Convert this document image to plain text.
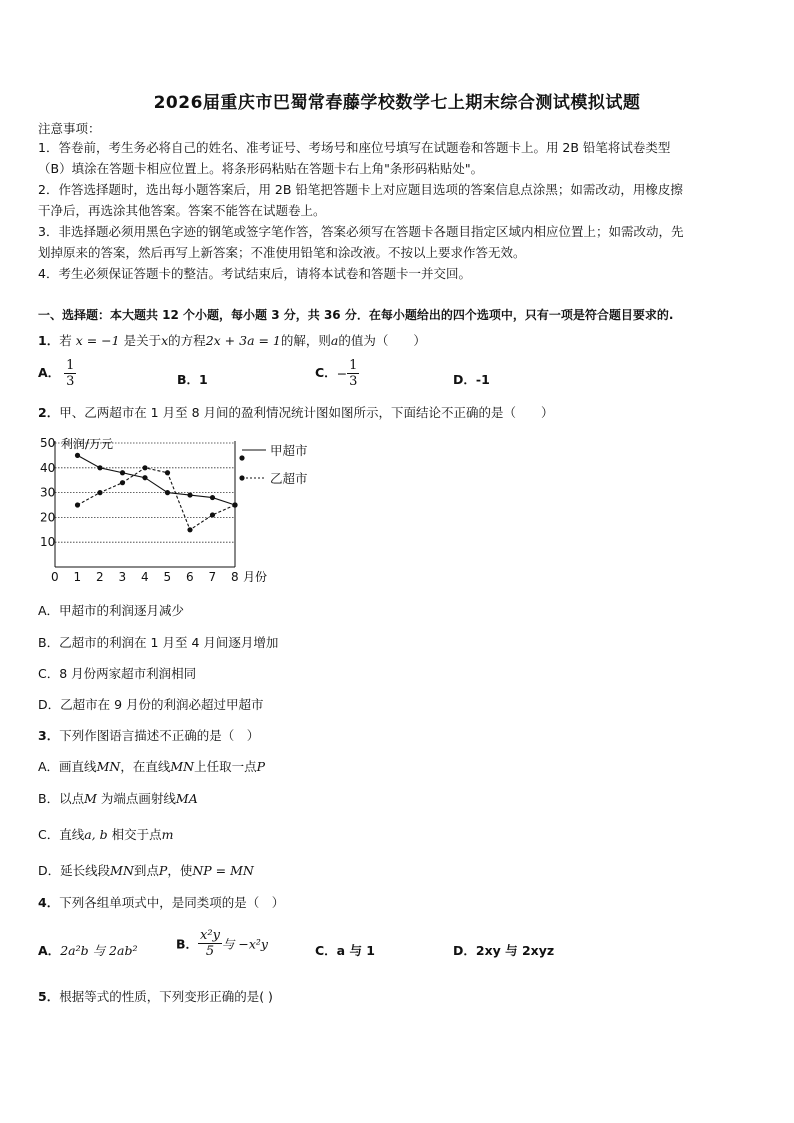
2026届重庆市巴蜀常春藤学校数学七上期末综合测试模拟试题
注意事项：
1．答卷前，考生务必将自己的姓名、准考证号、考场号和座位号填写在试题卷和答题卡上。用 2B 铅笔将试卷类型
（B）填涂在答题卡相应位置上。将条形码粘贴在答题卡右上角"条形码粘贴处"。
2．作答选择题时，选出每小题答案后，用 2B 铅笔把答题卡上对应题目选项的答案信息点涂黑；如需改动，用橡皮擦
干净后，再选涂其他答案。答案不能答在试题卷上。
3．非选择题必须用黑色字迹的钢笔或签字笔作答，答案必须写在答题卡各题目指定区域内相应位置上；如需改动，先
划掉原来的答案，然后再写上新答案；不准使用铅笔和涂改液。不按以上要求作答无效。
4．考生必须保证答题卡的整洁。考试结束后，请将本试卷和答题卡一并交回。
一、选择题：本大题共 12 个小题，每小题 3 分，共 36 分．在每小题给出的四个选项中，只有一项是符合题目要求的.
1．若 x = −1 是关于x的方程2x + 3a = 1的解，则a的值为（　　）
A． $\frac{1}{3}$	B．1	C．− $\frac{1}{3}$	D．-1
2．甲、乙两超市在 1 月至 8 月间的盈利情况统计图如图所示，下面结论不正确的是（　　）
10
20
30
40
50
0 1 2 3 4 5 6 7 8
甲超市
乙超市
利润/万元
月份
A．甲超市的利润逐月减少
B．乙超市的利润在 1 月至 4 月间逐月增加
C．8 月份两家超市利润相同
D．乙超市在 9 月份的利润必超过甲超市
3．下列作图语言描述不正确的是（　）
A．画直线MN，在直线MN上任取一点P
B．以点M 为端点画射线MA
C．直线a, b 相交于点m
D．延长线段MN到点P，使NP = MN
4．下列各组单项式中，是同类项的是（　）
A．2a²b 与 2ab²	B． $\frac{\text{x²y}}{5}$ 与 −x²y	C．a 与 1	D．2xy 与 2xyz
5．根据等式的性质，下列变形正确的是( )
